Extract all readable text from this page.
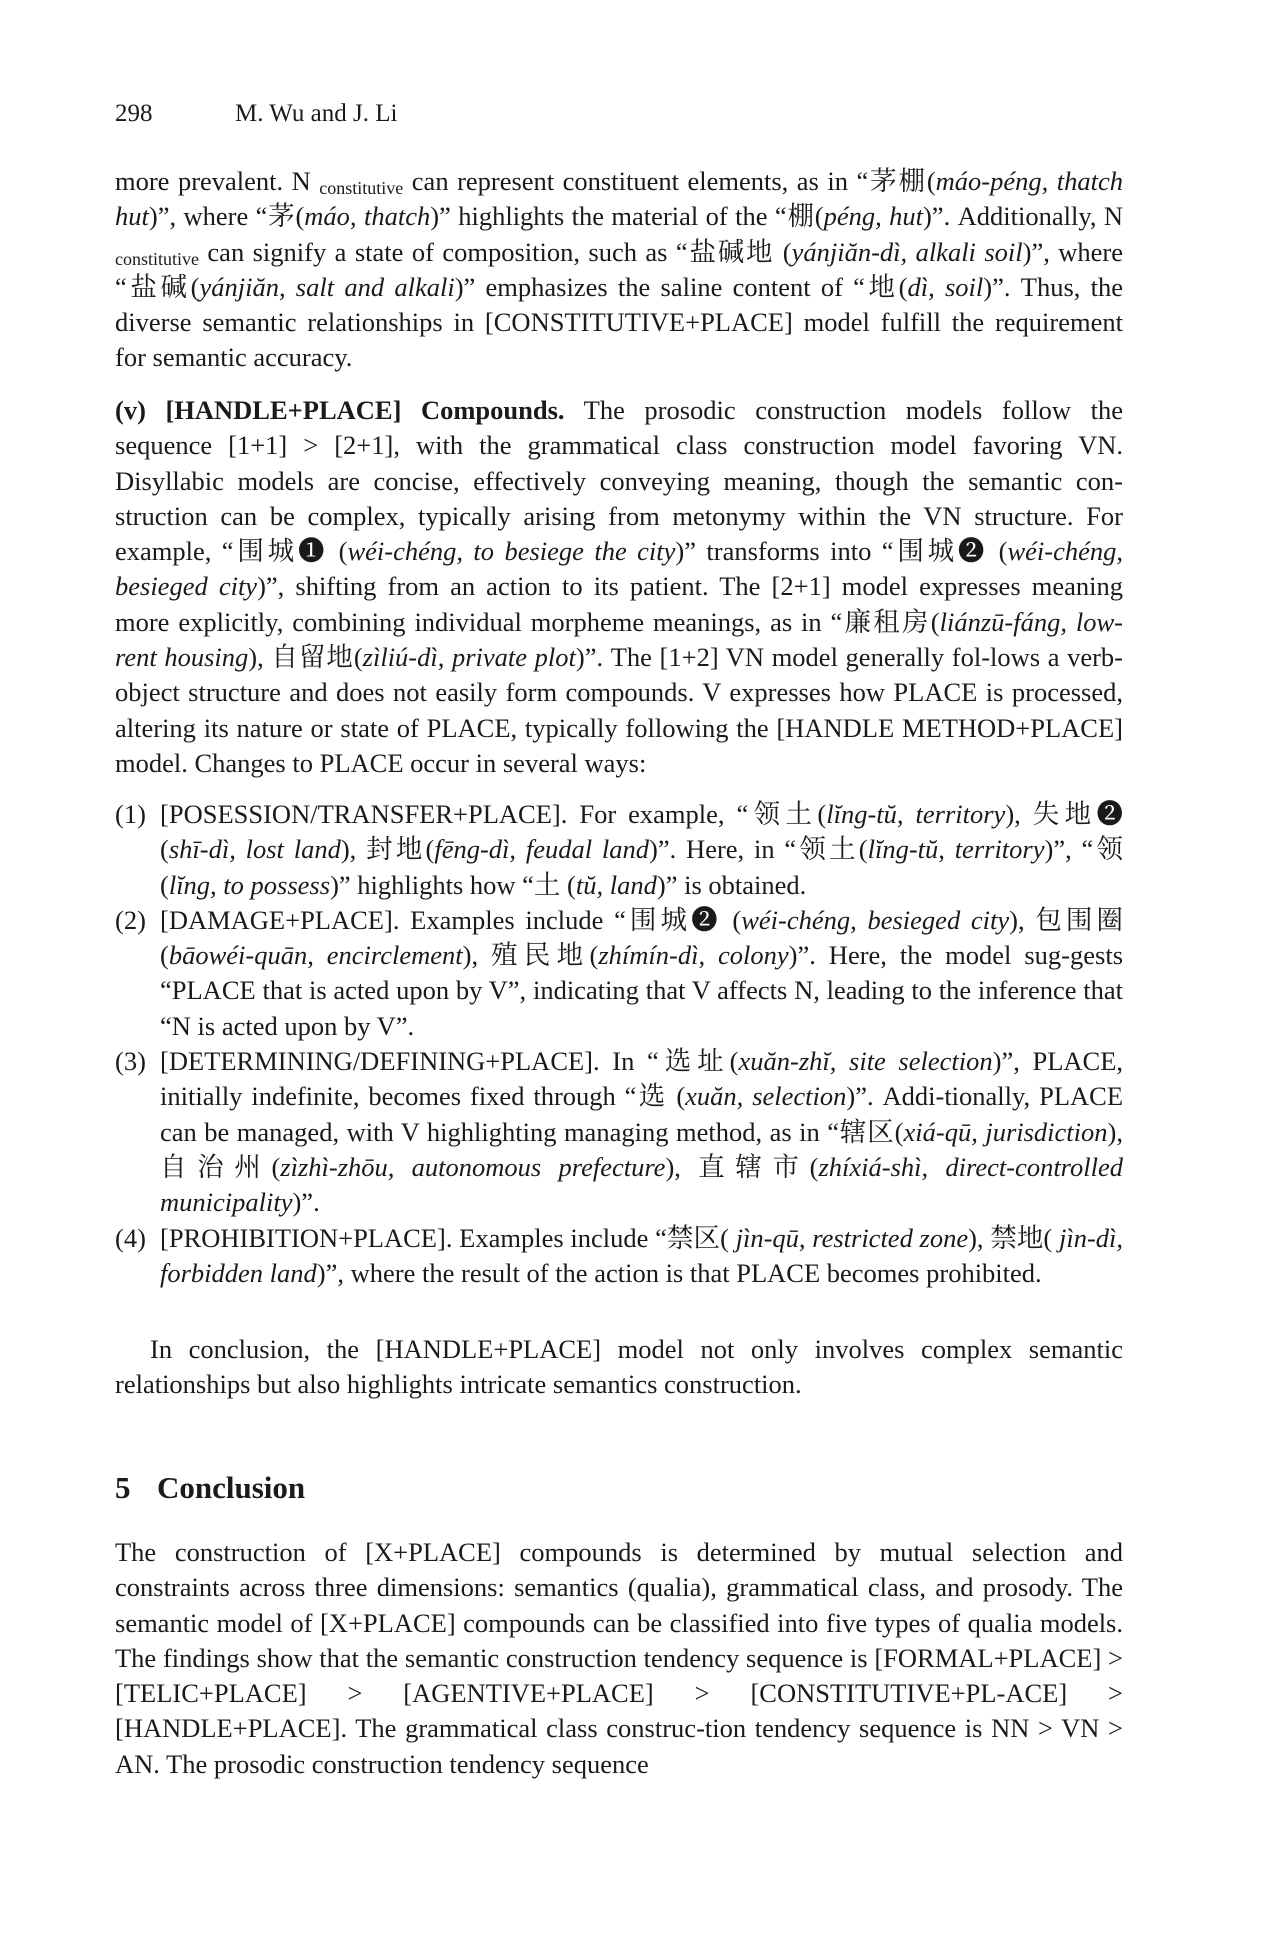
298	M. Wu and J. Li

more prevalent. N $_{constitutive}$ can represent constituent elements, as in “茅棚(máo-péng, thatch hut)”, where “茅(máo, thatch)” highlights the material of the “棚(péng, hut)”. Additionally, N $_{constitutive}$ can signify a state of composition, such as “盐碱地 (yánjiăn-dì, alkali soil)”, where “盐碱(yánjiăn, salt and alkali)” emphasizes the saline content of “地(dì, soil)”. Thus, the diverse semantic relationships in [CONSTITUTIVE+PLACE] model fulfill the requirement for semantic accuracy.

(v) [HANDLE+PLACE] Compounds. The prosodic construction models follow the sequence [1+1] > [2+1], with the grammatical class construction model favoring VN. Disyllabic models are concise, effectively conveying meaning, though the semantic con-struction can be complex, typically arising from metonymy within the VN structure. For example, “围城❶ (wéi-chéng, to besiege the city)” transforms into “围城❷ (wéi-chéng, besieged city)”, shifting from an action to its patient. The [2+1] model expresses meaning more explicitly, combining individual morpheme meanings, as in “廉租房(liánzū-fáng, low-rent housing), 自留地(zìliú-dì, private plot)”. The [1+2] VN model generally fol-lows a verb-object structure and does not easily form compounds. V expresses how PLACE is processed, altering its nature or state of PLACE, typically following the [HANDLE METHOD+PLACE] model. Changes to PLACE occur in several ways:

(1) [POSESSION/TRANSFER+PLACE]. For example, “领土(lĭng-tŭ, territory), 失地❷ (shī-dì, lost land), 封地(fēng-dì, feudal land)”. Here, in “领土(lĭng-tŭ, territory)”, “领(lĭng, to possess)” highlights how “土 (tŭ, land)” is obtained.
(2) [DAMAGE+PLACE]. Examples include “围城❷ (wéi-chéng, besieged city), 包围圈(bāowéi-quān, encirclement), 殖民地(zhímín-dì, colony)”. Here, the model sug-gests “PLACE that is acted upon by V”, indicating that V affects N, leading to the inference that “N is acted upon by V”.
(3) [DETERMINING/DEFINING+PLACE]. In “选址(xuăn-zhĭ, site selection)”, PLACE, initially indefinite, becomes fixed through “选 (xuăn, selection)”. Addi-tionally, PLACE can be managed, with V highlighting managing method, as in “辖区(xiá-qū, jurisdiction), 自治州(zìzhì-zhōu, autonomous prefecture), 直辖市(zhíxiá-shì, direct-controlled municipality)”.
(4) [PROHIBITION+PLACE]. Examples include “禁区( jìn-qū, restricted zone), 禁地( jìn-dì, forbidden land)”, where the result of the action is that PLACE becomes prohibited.

In conclusion, the [HANDLE+PLACE] model not only involves complex semantic relationships but also highlights intricate semantics construction.

5 Conclusion

The construction of [X+PLACE] compounds is determined by mutual selection and constraints across three dimensions: semantics (qualia), grammatical class, and prosody. The semantic model of [X+PLACE] compounds can be classified into five types of qualia models. The findings show that the semantic construction tendency sequence is [FORMAL+PLACE] > [TELIC+PLACE] > [AGENTIVE+PLACE] > [CONSTITUTIVE+PL-ACE] > [HANDLE+PLACE]. The grammatical class construc-tion tendency sequence is NN > VN > AN. The prosodic construction tendency sequence
